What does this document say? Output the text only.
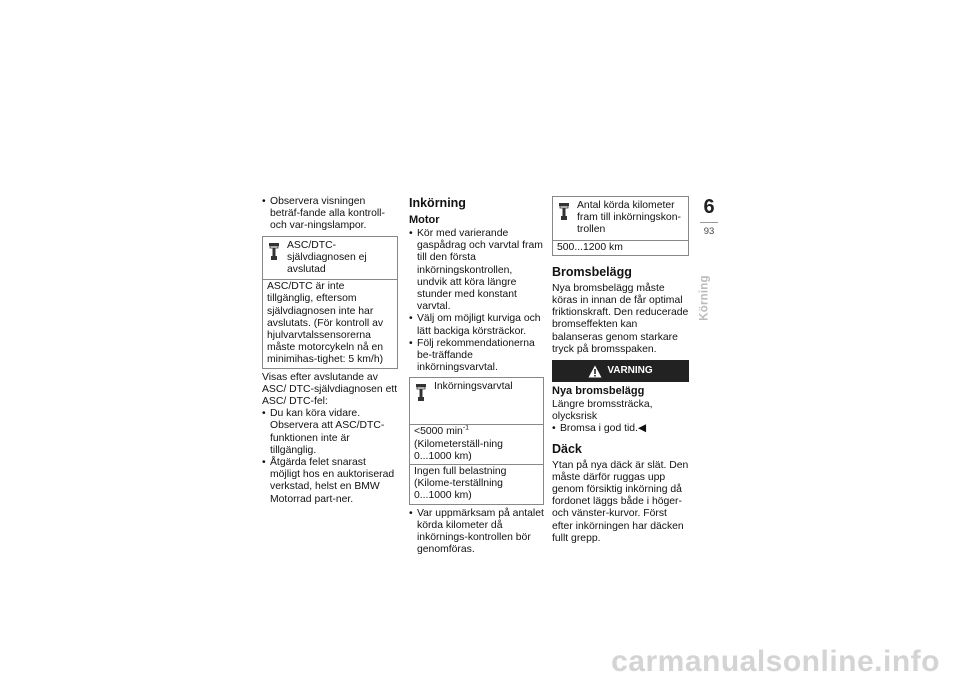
• Observera visningen beträf-fande alla kontroll- och var-ningslampor.
ASC/DTC-självdiagnosen ej avslutad
ASC/DTC är inte tillgänglig, eftersom självdiagnosen inte har avslutats. (För kontroll av hjulvarvtalssensorerna måste motorcykeln nå en minimihas-tighet: 5 km/h)

Visas efter avslutande av ASC/ DTC-självdiagnosen ett ASC/ DTC-fel:

• Du kan köra vidare. Observera att ASC/DTC-funktionen inte är tillgänglig.
• Åtgärda felet snarast möjligt hos en auktoriserad verkstad, helst en BMW Motorrad part-ner.
Inkörning
Motor
• Kör med varierande gaspådrag och varvtal fram till den första inkörningskontrollen, undvik att köra längre stunder med konstant varvtal.
• Välj om möjligt kurviga och lätt backiga körsträckor.
• Följ rekommendationerna be-träffande inkörningsvarvtal.
Inkörningsvarvtal
<5000 $\min^{-1}$ (Kilometerställ-ning 0...1000 km)
Ingen full belastning (Kilome-terställning 0...1000 km)
• Var uppmärksam på antalet körda kilometer då inkörnings-kontrollen bör genomföras.
Antal körda kilometer fram till inkörningskon-trollen
500...1200 km
Bromsbelägg

Nya bromsbelägg måste köras in innan de får optimal friktionskraft. Den reducerade bromseffekten kan balanseras genom starkare tryck på bromsspaken.

VARNING
Nya bromsbelägg

Längre bromssträcka, olycksrisk

• Bromsa i god tid.◀
Däck

Ytan på nya däck är slät. Den måste därför ruggas upp genom försiktig inkörning då fordonet läggs både i höger- och vänster-kurvor. Först efter inkörningen har däcken fullt grepp.

6
93
Körning
carmanualsonline.info
